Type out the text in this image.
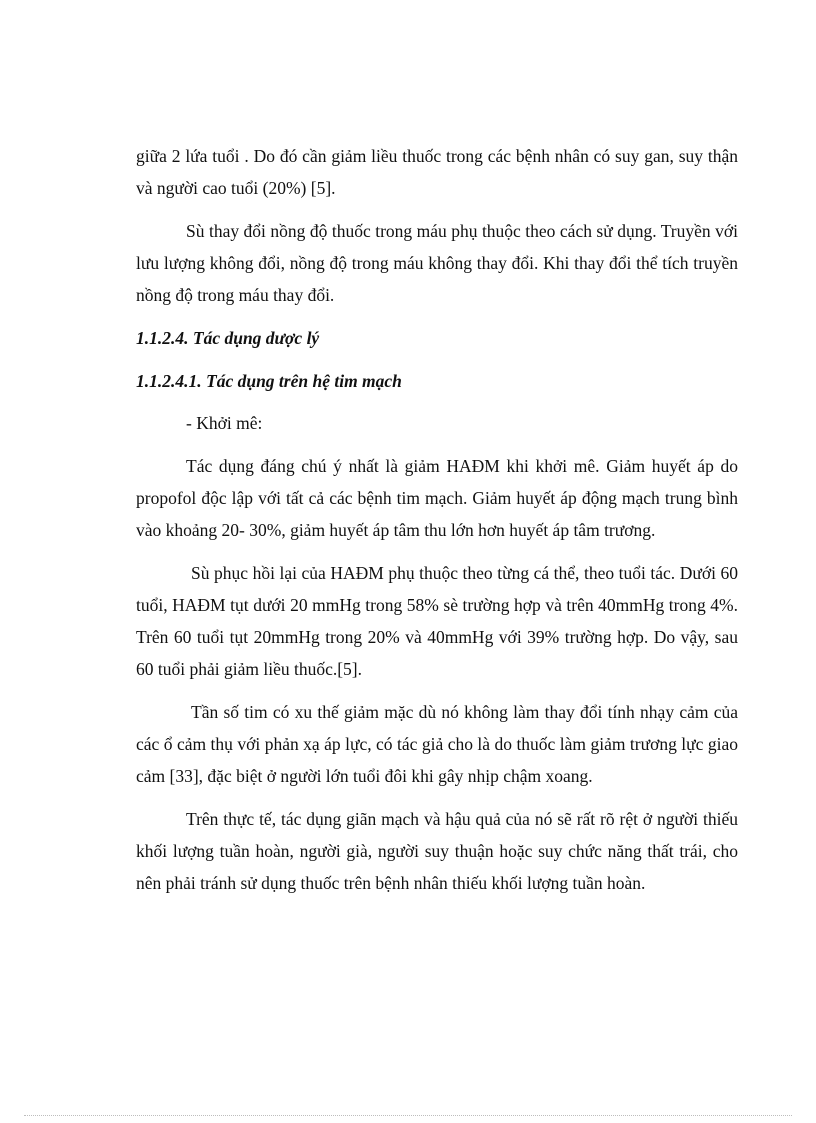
giữa 2 lứa tuổi . Do đó cần giảm liều thuốc trong các bệnh nhân có suy gan, suy thận và người cao tuổi (20%) [5].

Sù thay đổi nồng độ thuốc trong máu phụ thuộc theo cách sử dụng. Truyền với lưu lượng không đổi, nồng độ trong máu không thay đổi. Khi thay đổi thể tích truyền nồng độ trong máu thay đổi.

1.1.2.4. Tác dụng dược lý
1.1.2.4.1. Tác dụng trên hệ tim mạch

- Khởi mê:

Tác dụng đáng chú ý nhất là giảm HAĐM khi khởi mê. Giảm huyết áp do propofol độc lập với tất cả các bệnh tim mạch. Giảm huyết áp động mạch trung bình vào khoảng 20- 30%, giảm huyết áp tâm thu lớn hơn huyết áp tâm trương.

Sù phục hồi lại của HAĐM phụ thuộc theo từng cá thể, theo tuổi tác. Dưới 60 tuổi, HAĐM tụt dưới 20 mmHg trong 58% sè trường hợp và trên 40mmHg trong 4%. Trên 60 tuổi tụt 20mmHg trong 20% và 40mmHg với 39% trường hợp. Do vậy, sau 60 tuổi phải giảm liều thuốc.[5].

Tần số tim có xu thế giảm mặc dù nó không làm thay đổi tính nhạy cảm của các ổ cảm thụ với phản xạ áp lực, có tác giả cho là do thuốc làm giảm trương lực giao cảm [33], đặc biệt ở người lớn tuổi đôi khi gây nhịp chậm xoang.

Trên thực tế, tác dụng giãn mạch và hậu quả của nó sẽ rất rõ rệt ở người thiếu khối lượng tuần hoàn, người già, người suy thuận hoặc suy chức năng thất trái, cho nên phải tránh sử dụng thuốc trên bệnh nhân thiếu khối lượng tuần hoàn.
